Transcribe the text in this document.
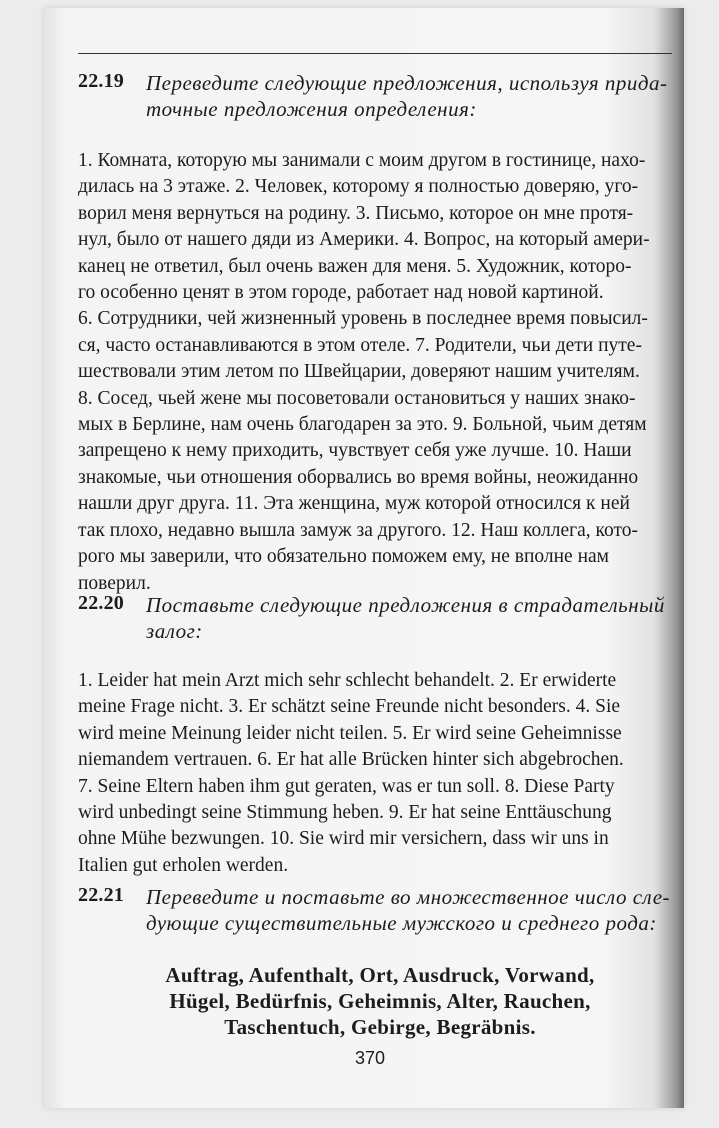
22.19 Переведите следующие предложения, используя прида-
точные предложения определения:
1. Комната, которую мы занимали с моим другом в гостинице, нахо-
дилась на 3 этаже. 2. Человек, которому я полностью доверяю, уго-
ворил меня вернуться на родину. 3. Письмо, которое он мне протя-
нул, было от нашего дяди из Америки. 4. Вопрос, на который амери-
канец не ответил, был очень важен для меня. 5. Художник, которо-
го особенно ценят в этом городе, работает над новой картиной.
6. Сотрудники, чей жизненный уровень в последнее время повысил-
ся, часто останавливаются в этом отеле. 7. Родители, чьи дети путе-
шествовали этим летом по Швейцарии, доверяют нашим учителям.
8. Сосед, чьей жене мы посоветовали остановиться у наших знако-
мых в Берлине, нам очень благодарен за это. 9. Больной, чьим детям
запрещено к нему приходить, чувствует себя уже лучше. 10. Наши
знакомые, чьи отношения оборвались во время войны, неожиданно
нашли друг друга. 11. Эта женщина, муж которой относился к ней
так плохо, недавно вышла замуж за другого. 12. Наш коллега, кото-
рого мы заверили, что обязательно поможем ему, не вполне нам
поверил.
22.20 Поставьте следующие предложения в страдательный
залог:
1. Leider hat mein Arzt mich sehr schlecht behandelt. 2. Er erwiderte
meine Frage nicht. 3. Er schätzt seine Freunde nicht besonders. 4. Sie
wird meine Meinung leider nicht teilen. 5. Er wird seine Geheimnisse
niemandem vertrauen. 6. Er hat alle Brücken hinter sich abgebrochen.
7. Seine Eltern haben ihm gut geraten, was er tun soll. 8. Diese Party
wird unbedingt seine Stimmung heben. 9. Er hat seine Enttäuschung
ohne Mühe bezwungen. 10. Sie wird mir versichern, dass wir uns in
Italien gut erholen werden.
22.21 Переведите и поставьте во множественное число сле-
дующие существительные мужского и среднего рода:
Auftrag, Aufenthalt, Ort, Ausdruck, Vorwand,
Hügel, Bedürfnis, Geheimnis, Alter, Rauchen,
Taschentuch, Gebirge, Begräbnis.
370
